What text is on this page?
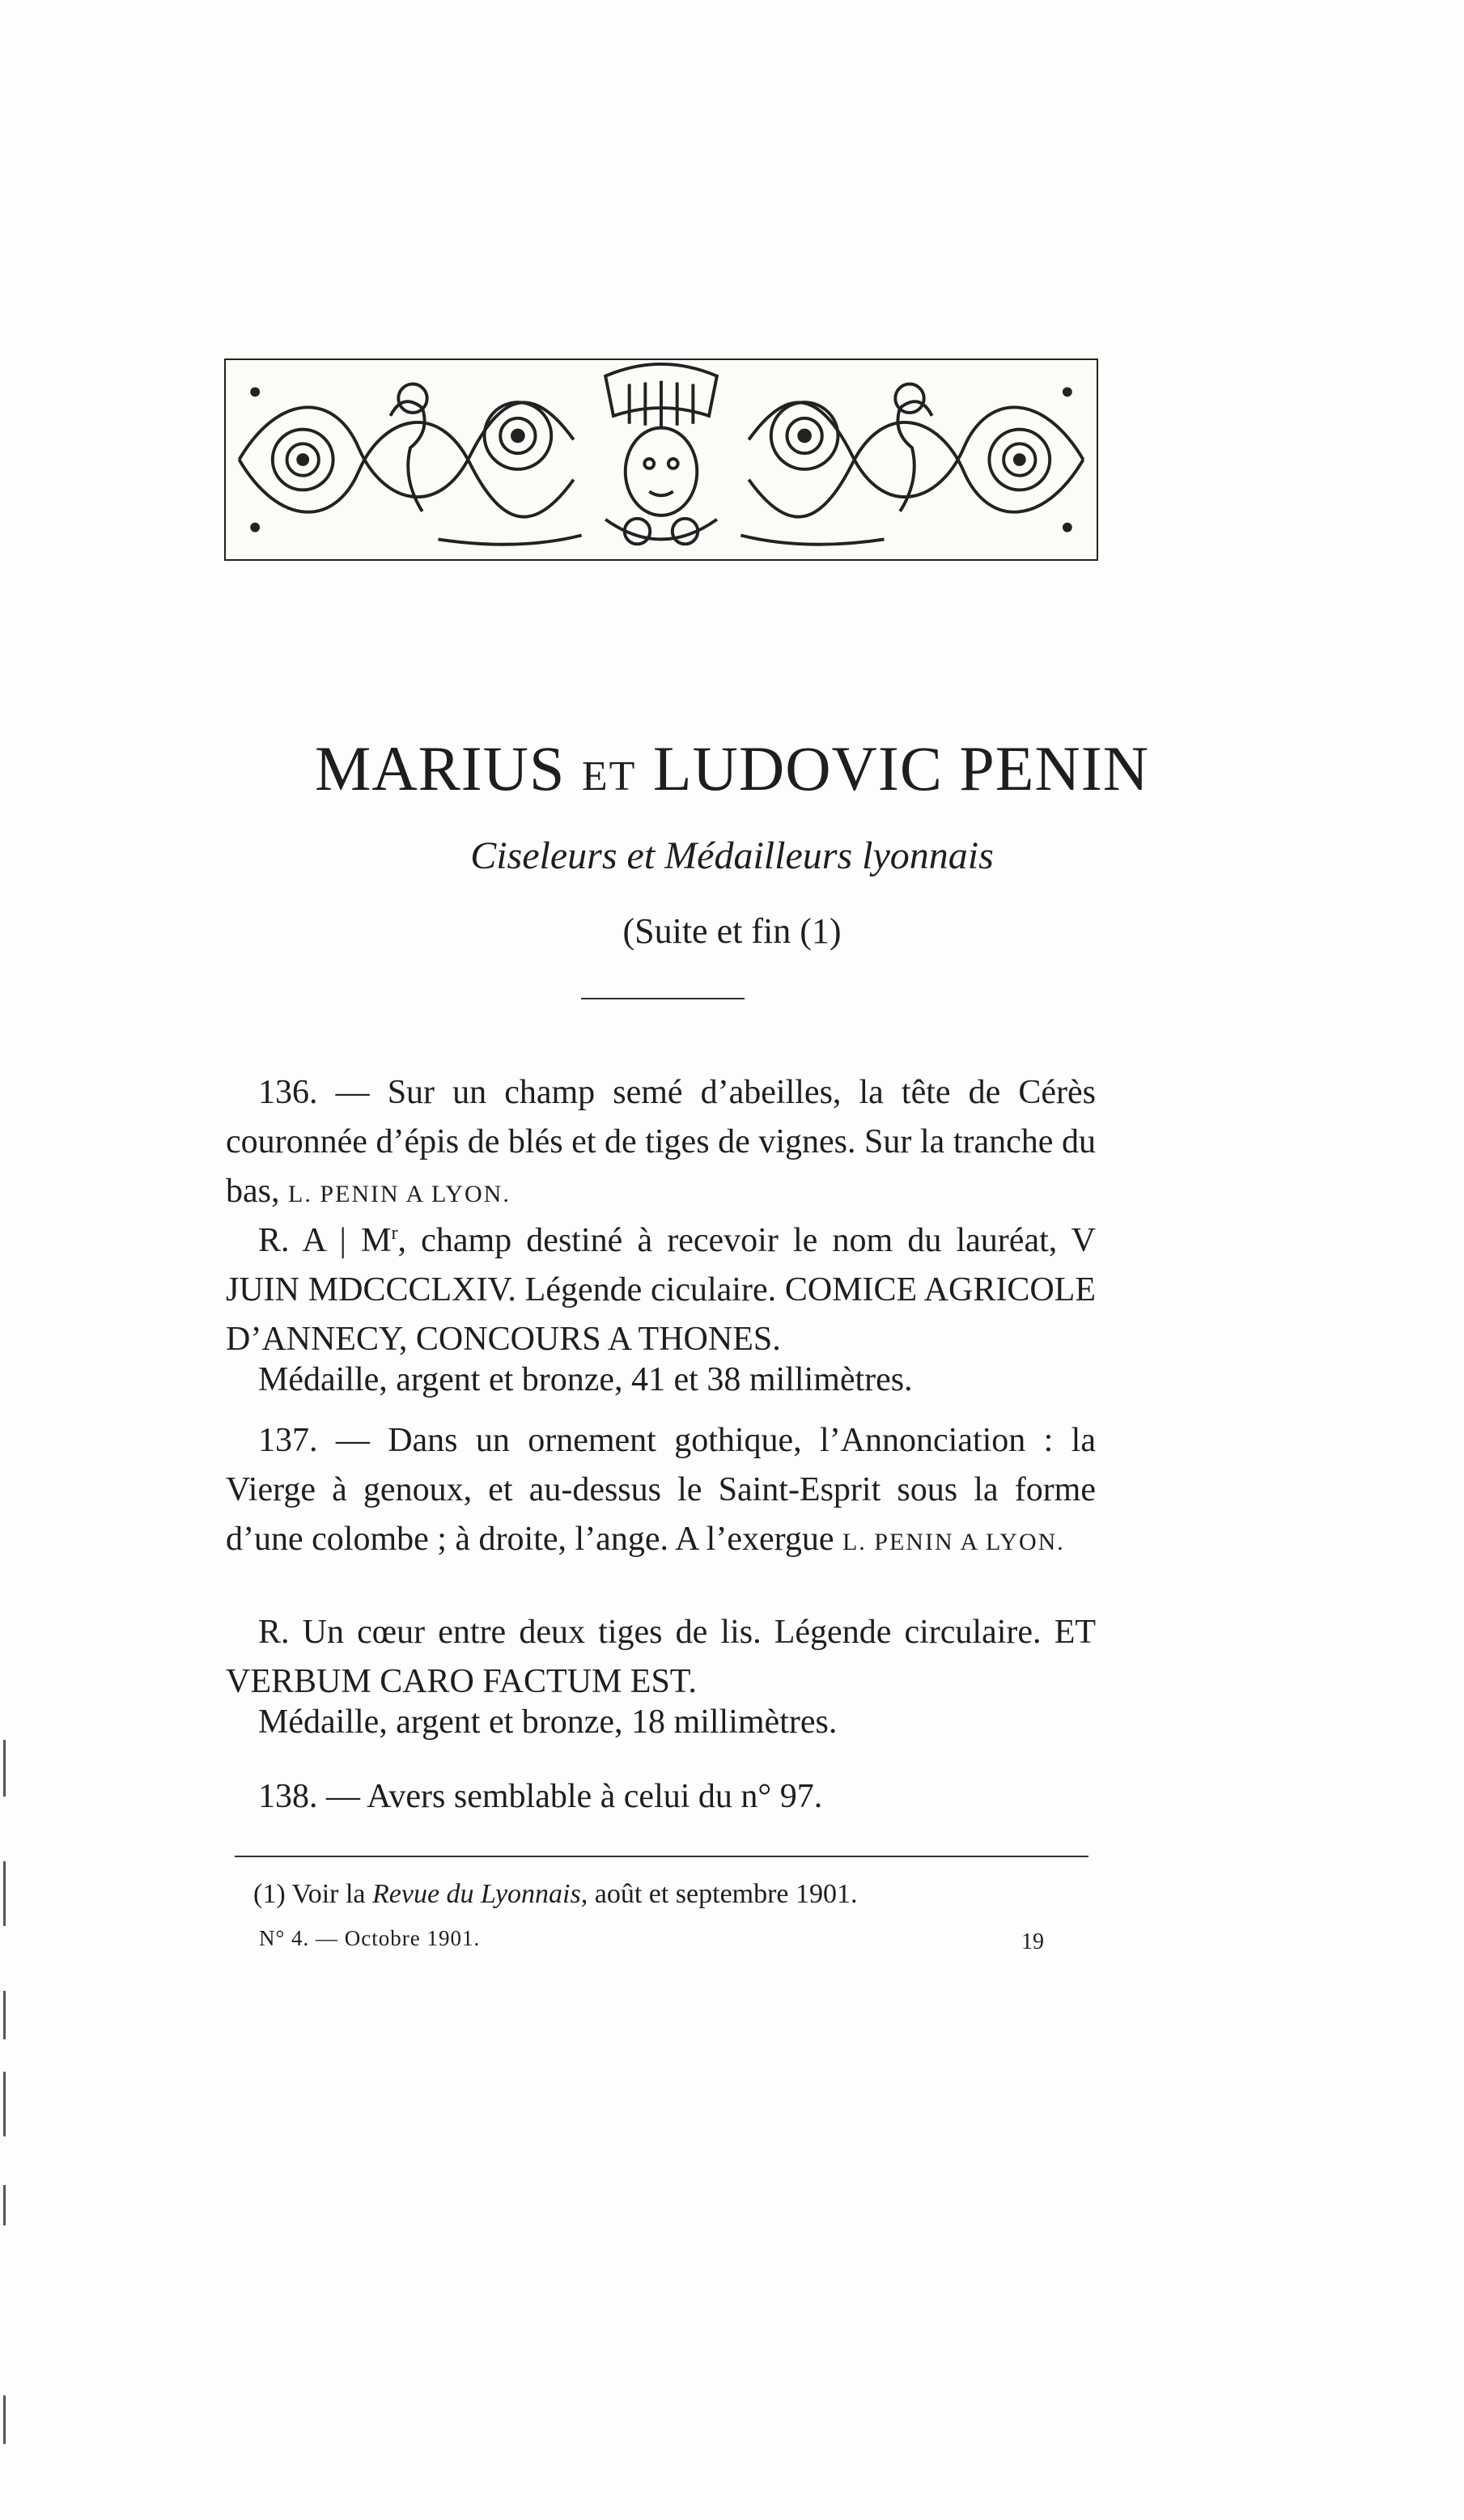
MARIUS ET LUDOVIC PENIN

Ciseleurs et Médailleurs lyonnais

(Suite et fin (1)

136. — Sur un champ semé d’abeilles, la tête de Cérès couronnée d’épis de blés et de tiges de vignes. Sur la tranche du bas, L. PENIN A LYON.

R. A | $M^r$, champ destiné à recevoir le nom du lauréat, V JUIN MDCCCLXIV. Légende ciculaire. COMICE AGRICOLE D’ANNECY, CONCOURS A THONES.

Médaille, argent et bronze, 41 et 38 millimètres.

137. — Dans un ornement gothique, l’Annonciation : la Vierge à genoux, et au-dessus le Saint-Esprit sous la forme d’une colombe ; à droite, l’ange. A l’exergue L. PENIN A LYON.

R. Un cœur entre deux tiges de lis. Légende circulaire. ET VERBUM CARO FACTUM EST.

Médaille, argent et bronze, 18 millimètres.

138. — Avers semblable à celui du n° 97.

(1) Voir la Revue du Lyonnais, août et septembre 1901.

N° 4. — Octobre 1901.	19
